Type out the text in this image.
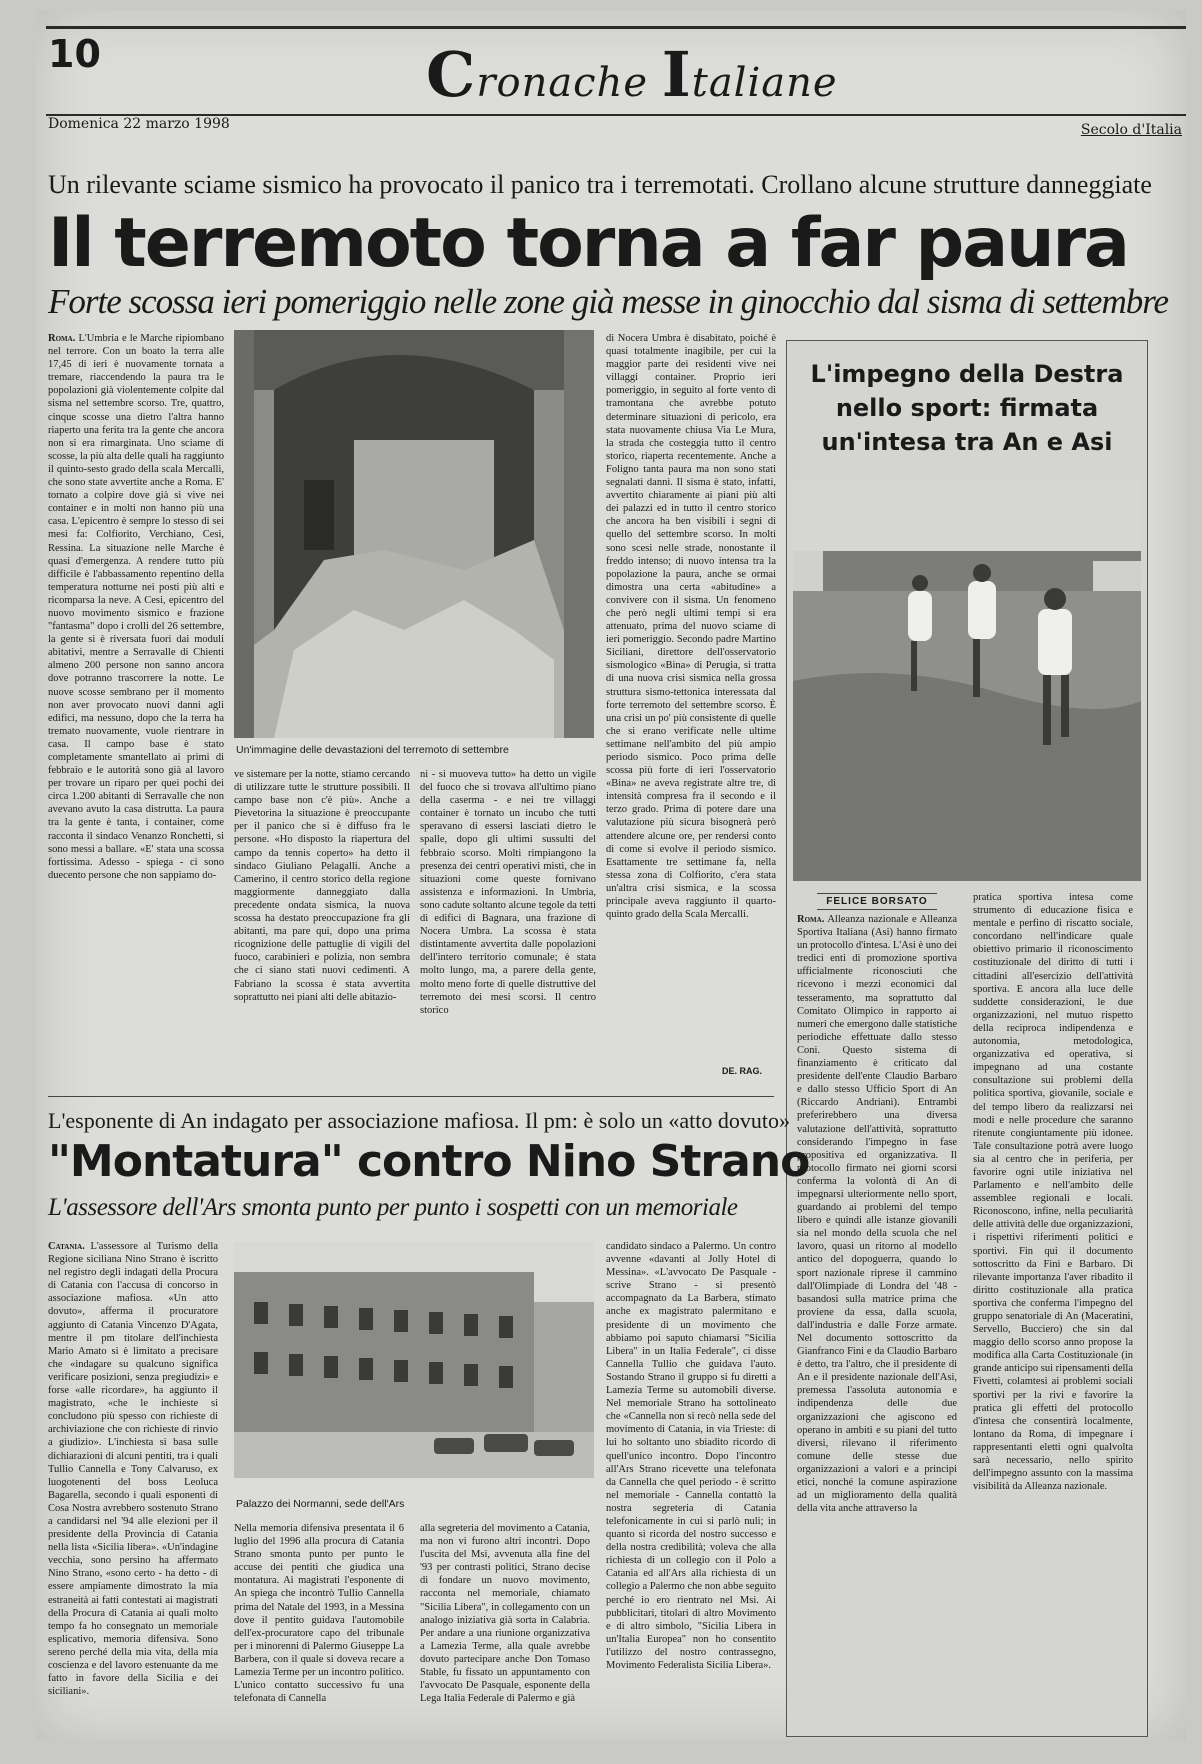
10	Cronache Italiane
Domenica 22 marzo 1998	Secolo d'Italia
Un rilevante sciame sismico ha provocato il panico tra i terremotati. Crollano alcune strutture danneggiate
Il terremoto torna a far paura
Forte scossa ieri pomeriggio nelle zone già messe in ginocchio dal sisma di settembre
Roma. L'Umbria e le Marche ripiombano nel terrore. Con un boato la terra alle 17,45 di ieri è nuovamente tornata a tremare, riaccendendo la paura tra le popolazioni già violentemente colpite dal sisma nel settembre scorso. Tre, quattro, cinque scosse una dietro l'altra hanno riaperto una ferita tra la gente che ancora non si era rimarginata. Uno sciame di scosse, la più alta delle quali ha raggiunto il quinto-sesto grado della scala Mercalli, che sono state avvertite anche a Roma. E' tornato a colpire dove già si vive nei container e in molti non hanno più una casa. L'epicentro è sempre lo stesso di sei mesi fa: Colfiorito, Verchiano, Cesi, Ressina. La situazione nelle Marche è quasi d'emergenza. A rendere tutto più difficile è l'abbassamento repentino della temperatura notturne nei posti più alti e ricomparsa la neve. A Cesi, epicentro del nuovo movimento sismico e frazione "fantasma" dopo i crolli del 26 settembre, la gente si è riversata fuori dai moduli abitativi, mentre a Serravalle di Chienti almeno 200 persone non sanno ancora dove potranno trascorrere la notte. Le nuove scosse sembrano per il momento non aver provocato nuovi danni agli edifici, ma nessuno, dopo che la terra ha tremato nuovamente, vuole rientrare in casa. Il campo base è stato completamente smantellato ai primi di febbraio e le autorità sono già al lavoro per trovare un riparo per quei pochi dei circa 1.200 abitanti di Serravalle che non avevano avuto la casa distrutta. La paura tra la gente è tanta, i container, come racconta il sindaco Venanzo Ronchetti, si sono messi a ballare. «E' stata una scossa fortissima. Adesso - spiega - ci sono duecento persone che non sappiamo do-
Un'immagine delle devastazioni del terremoto di settembre
ve sistemare per la notte, stiamo cercando di utilizzare tutte le strutture possibili. Il campo base non c'è più». Anche a Pievetorina la situazione è preoccupante per il panico che si è diffuso fra le persone. «Ho disposto la riapertura del campo da tennis coperto» ha detto il sindaco Giuliano Pelagalli. Anche a Camerino, il centro storico della regione maggiormente danneggiato dalla precedente ondata sismica, la nuova scossa ha destato preoccupazione fra gli abitanti, ma pare qui, dopo una prima ricognizione delle pattuglie di vigili del fuoco, carabinieri e polizia, non sembra che ci siano stati nuovi cedimenti. A Fabriano la scossa è stata avvertita soprattutto nei piani alti delle abitazio-
ni - si muoveva tutto» ha detto un vigile del fuoco che si trovava all'ultimo piano della caserma - e nei tre villaggi container è tornato un incubo che tutti speravano di essersi lasciati dietro le spalle, dopo gli ultimi sussulti del febbraio scorso. Molti rimpiangono la presenza dei centri operativi misti, che in situazioni come queste fornivano assistenza e informazioni. In Umbria, sono cadute soltanto alcune tegole da tetti di edifici di Bagnara, una frazione di Nocera Umbra. La scossa è stata distintamente avvertita dalle popolazioni dell'intero territorio comunale; è stata molto lungo, ma, a parere della gente, molto meno forte di quelle distruttive del terremoto dei mesi scorsi. Il centro storico
di Nocera Umbra è disabitato, poiché è quasi totalmente inagibile, per cui la maggior parte dei residenti vive nei villaggi container. Proprio ieri pomeriggio, in seguito al forte vento di tramontana che avrebbe potuto determinare situazioni di pericolo, era stata nuovamente chiusa Via Le Mura, la strada che costeggia tutto il centro storico, riaperta recentemente. Anche a Foligno tanta paura ma non sono stati segnalati danni. Il sisma è stato, infatti, avvertito chiaramente ai piani più alti dei palazzi ed in tutto il centro storico che ancora ha ben visibili i segni di quello del settembre scorso. In molti sono scesi nelle strade, nonostante il freddo intenso; di nuovo intensa tra la popolazione la paura, anche se ormai dimostra una certa «abitudine» a convivere con il sisma. Un fenomeno che però negli ultimi tempi si era attenuato, prima del nuovo sciame di ieri pomeriggio. Secondo padre Martino Siciliani, direttore dell'osservatorio sismologico «Bina» di Perugia, si tratta di una nuova crisi sismica nella grossa struttura sismo-tettonica interessata dal forte terremoto del settembre scorso. È una crisi un po' più consistente di quelle che si erano verificate nelle ultime settimane nell'ambito del più ampio periodo sismico. Poco prima delle scossa più forte di ieri l'osservatorio «Bina» ne aveva registrate altre tre, di intensità compresa fra il secondo e il terzo grado. Prima di potere dare una valutazione più sicura bisognerà però attendere alcune ore, per rendersi conto di come si evolve il periodo sismico. Esattamente tre settimane fa, nella stessa zona di Colfiorito, c'era stata un'altra crisi sismica, e la scossa principale aveva raggiunto il quarto-quinto grado della Scala Mercalli.
DE. RAG.
L'impegno della Destra nello sport: firmata un'intesa tra An e Asi
FELICE BORSATO
Roma. Alleanza nazionale e Alleanza Sportiva Italiana (Asi) hanno firmato un protocollo d'intesa. L'Asi è uno dei tredici enti di promozione sportiva ufficialmente riconosciuti che ricevono i mezzi economici dal tesseramento, ma soprattutto dal Comitato Olimpico in rapporto ai numeri che emergono dalle statistiche periodiche effettuate dallo stesso Coni. Questo sistema di finanziamento è criticato dal presidente dell'ente Claudio Barbaro e dallo stesso Ufficio Sport di An (Riccardo Andriani). Entrambi preferirebbero una diversa valutazione dell'attività, soprattutto considerando l'impegno in fase propositiva ed organizzativa. Il protocollo firmato nei giorni scorsi conferma la volontà di An di impegnarsi ulteriormente nello sport, guardando ai problemi del tempo libero e quindi alle istanze giovanili sia nel mondo della scuola che nel lavoro, quasi un ritorno al modello antico del dopoguerra, quando lo sport nazionale riprese il cammino dall'Olimpiade di Londra del '48 - basandosi sulla matrice prima che proviene da essa, dalla scuola, dall'industria e dalle Forze armate. Nel documento sottoscritto da Gianfranco Fini e da Claudio Barbaro è detto, tra l'altro, che il presidente di An e il presidente nazionale dell'Asi, premessa l'assoluta autonomia e indipendenza delle due organizzazioni che agiscono ed operano in ambiti e su piani del tutto diversi, rilevano il riferimento comune delle stesse due organizzazioni a valori e a principi etici, nonché la comune aspirazione ad un miglioramento della qualità della vita anche attraverso la
pratica sportiva intesa come strumento di educazione fisica e mentale e perfino di riscatto sociale, concordano nell'indicare quale obiettivo primario il riconoscimento costituzionale del diritto di tutti i cittadini all'esercizio dell'attività sportiva. E ancora alla luce delle suddette considerazioni, le due organizzazioni, nel mutuo rispetto della reciproca indipendenza e autonomia, metodologica, organizzativa ed operativa, si impegnano ad una costante consultazione sui problemi della politica sportiva, giovanile, sociale e del tempo libero da realizzarsi nei modi e nelle procedure che saranno ritenute congiuntamente più idonee. Tale consultazione potrà avere luogo sia al centro che in periferia, per favorire ogni utile iniziativa nel Parlamento e nell'ambito delle assemblee regionali e locali. Riconoscono, infine, nella peculiarità delle attività delle due organizzazioni, i rispettivi riferimenti politici e sportivi. Fin qui il documento sottoscritto da Fini e Barbaro. Di rilevante importanza l'aver ribadito il diritto costituzionale alla pratica sportiva che conferma l'impegno del gruppo senatoriale di An (Maceratini, Servello, Bucciero) che sin dal maggio dello scorso anno propose la modifica alla Carta Costituzionale (in grande anticipo sui ripensamenti della Fivetti, colamtesi ai problemi sociali sportivi per la rivi e favorire la pratica gli effetti del protocollo d'intesa che consentirà localmente, lontano da Roma, di impegnare i rappresentanti eletti ogni qualvolta sarà necessario, nello spirito dell'impegno assunto con la massima visibilità da Alleanza nazionale.
L'esponente di An indagato per associazione mafiosa. Il pm: è solo un «atto dovuto»
"Montatura" contro Nino Strano
L'assessore dell'Ars smonta punto per punto i sospetti con un memoriale
Catania. L'assessore al Turismo della Regione siciliana Nino Strano è iscritto nel registro degli indagati della Procura di Catania con l'accusa di concorso in associazione mafiosa. «Un atto dovuto», afferma il procuratore aggiunto di Catania Vincenzo D'Agata, mentre il pm titolare dell'inchiesta Mario Amato si è limitato a precisare che «indagare su qualcuno significa verificare posizioni, senza pregiudizi» e forse «alle ricordare», ha aggiunto il magistrato, «che le inchieste si concludono più spesso con richieste di archiviazione che con richieste di rinvio a giudizio». L'inchiesta si basa sulle dichiarazioni di alcuni pentiti, tra i quali Tullio Cannella e Tony Calvaruso, ex luogotenenti del boss Leoluca Bagarella, secondo i quali esponenti di Cosa Nostra avrebbero sostenuto Strano a candidarsi nel '94 alle elezioni per il presidente della Provincia di Catania nella lista «Sicilia libera». «Un'indagine vecchia, sono persino ha affermato Nino Strano, «sono certo - ha detto - di essere ampiamente dimostrato la mia estraneità ai fatti contestati ai magistrati della Procura di Catania ai quali molto tempo fa ho consegnato un memoriale esplicativo, memoria difensiva. Sono sereno perché della mia vita, della mia coscienza e del lavoro estenuante da me fatto in favore della Sicilia e dei siciliani».
Palazzo dei Normanni, sede dell'Ars
Nella memoria difensiva presentata il 6 luglio del 1996 alla procura di Catania Strano smonta punto per punto le accuse dei pentiti che giudica una montatura. Ai magistrati l'esponente di An spiega che incontrò Tullio Cannella prima del Natale del 1993, in a Messina dove il pentito guidava l'automobile dell'ex-procuratore capo del tribunale per i minorenni di Palermo Giuseppe La Barbera, con il quale si doveva recare a Lamezia Terme per un incontro politico. L'unico contatto successivo fu una telefonata di Cannella
alla segreteria del movimento a Catania, ma non vi furono altri incontri. Dopo l'uscita del Msi, avvenuta alla fine del '93 per contrasti politici, Strano decise di fondare un nuovo movimento, racconta nel memoriale, chiamato "Sicilia Libera", in collegamento con un analogo iniziativa già sorta in Calabria. Per andare a una riunione organizzativa a Lamezia Terme, alla quale avrebbe dovuto partecipare anche Don Tomaso Stable, fu fissato un appuntamento con l'avvocato De Pasquale, esponente della Lega Italia Federale di Palermo e già
candidato sindaco a Palermo. Un contro avvenne «davanti al Jolly Hotel di Messina». «L'avvocato De Pasquale - scrive Strano - si presentò accompagnato da La Barbera, stimato anche ex magistrato palermitano e presidente di un movimento che abbiamo poi saputo chiamarsi "Sicilia Libera" in un Italia Federale", ci disse Cannella Tullio che guidava l'auto. Sostando Strano il gruppo si fu diretti a Lamezia Terme su automobili diverse. Nel memoriale Strano ha sottolineato che «Cannella non si recò nella sede del movimento di Catania, in via Trieste: di lui ho soltanto uno sbiadito ricordo di quell'unico incontro. Dopo l'incontro all'Ars Strano ricevette una telefonata da Cannella che quel periodo - è scritto nel memoriale - Cannella contattò la nostra segreteria di Catania telefonicamente in cui si parlò nuli; in quanto si ricorda del nostro successo e della nostra credibilità; voleva che alla richiesta di un collegio con il Polo a Catania ed all'Ars alla richiesta di un collegio a Palermo che non abbe seguito perché io ero rientrato nel Msi. Ai pubblicitari, titolari di altro Movimento e di altro simbolo, "Sicilia Libera in un'Italia Europea" non ho consentito l'utilizzo del nostro contrassegno, Movimento Federalista Sicilia Libera».
